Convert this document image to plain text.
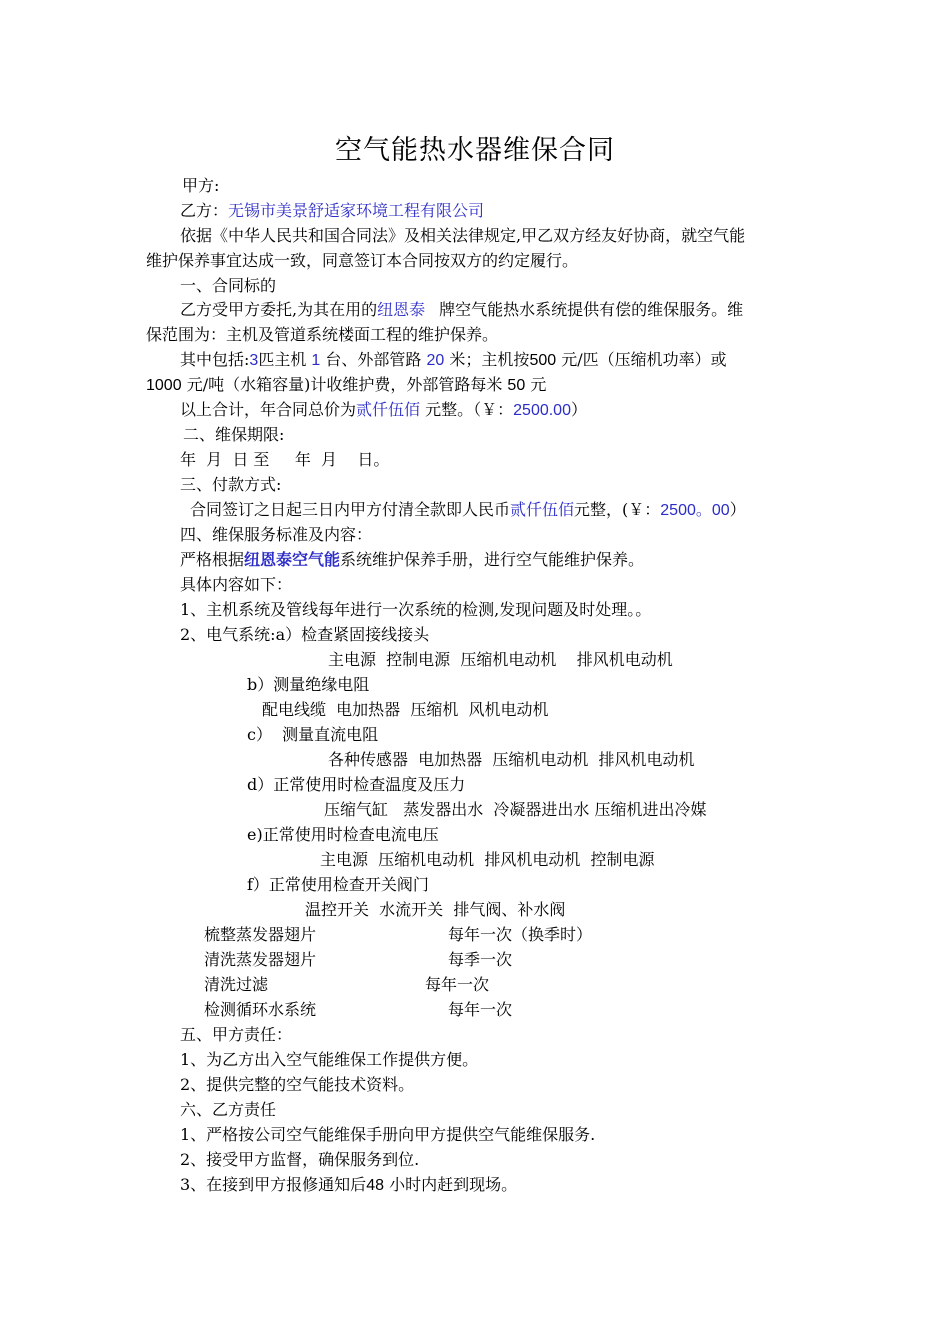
空气能热水器维保合同
甲方:
乙方：无锡市美景舒适家环境工程有限公司
依据《中华人民共和国合同法》及相关法律规定,甲乙双方经友好协商，就空气能
维护保养事宜达成一致，同意签订本合同按双方的约定履行。
一、合同标的
乙方受甲方委托,为其在用的纽恩泰 牌空气能热水系统提供有偿的维保服务。维
保范围为：主机及管道系统楼面工程的维护保养。
其中包括:3匹主机 1 台、外部管路 20 米；主机按500 元/匹（压缩机功率）或
1000 元/吨（水箱容量)计收维护费，外部管路每米 50 元
以上合计，年合同总价为贰仟伍佰 元整。（￥：2500.00）
二、维保期限:
年  月  日 至     年  月    日。
三、付款方式:
合同签订之日起三日内甲方付清全款即人民币贰仟伍佰元整，(￥：2500。00）
四、维保服务标准及内容：
严格根据纽恩泰空气能系统维护保养手册，进行空气能维护保养。
具体内容如下：
1、主机系统及管线每年进行一次系统的检测,发现问题及时处理。。
2、电气系统:a）检查紧固接线接头
主电源  控制电源  压缩机电动机    排风机电动机
b）测量绝缘电阻
配电线缆  电加热器  压缩机  风机电动机
c）  测量直流电阻
各种传感器  电加热器  压缩机电动机  排风机电动机
d）正常使用时检查温度及压力
压缩气缸   蒸发器出水  冷凝器进出水 压缩机进出冷媒
e)正常使用时检查电流电压
主电源  压缩机电动机  排风机电动机  控制电源
f）正常使用检查开关阀门
温控开关  水流开关  排气阀、补水阀
梳整蒸发器翅片	每年一次（换季时）
清洗蒸发器翅片	每季一次
清洗过滤	每年一次
检测循环水系统	每年一次
五、甲方责任：
1、为乙方出入空气能维保工作提供方便。
2、提供完整的空气能技术资料。
六、乙方责任
1、严格按公司空气能维保手册向甲方提供空气能维保服务.
2、接受甲方监督，确保服务到位.
3、在接到甲方报修通知后48 小时内赶到现场。
